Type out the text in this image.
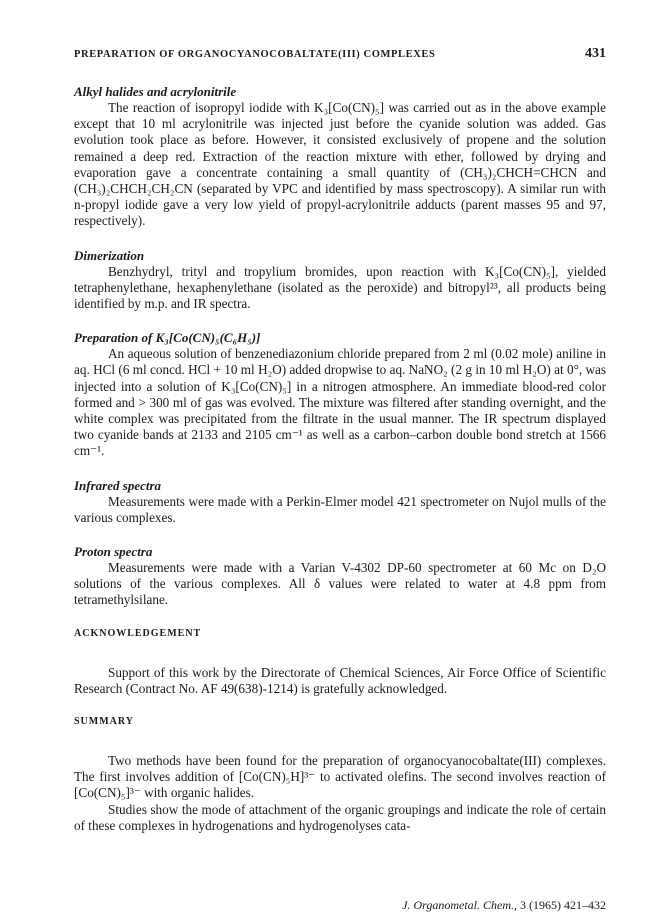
PREPARATION OF ORGANOCYANOCOBALTATE(III) COMPLEXES	431
Alkyl halides and acrylonitrile

The reaction of isopropyl iodide with K₃[Co(CN)₅] was carried out as in the above example except that 10 ml acrylonitrile was injected just before the cyanide solution was added. Gas evolution took place as before. However, it consisted exclusively of propene and the solution remained a deep red. Extraction of the reaction mixture with ether, followed by drying and evaporation gave a concentrate containing a small quantity of (CH₃)₂CHCH=CHCN and (CH₃)₂CHCH₂CH₂CN (separated by VPC and identified by mass spectroscopy). A similar run with n-propyl iodide gave a very low yield of propyl-acrylonitrile adducts (parent masses 95 and 97, respectively).

Dimerization

Benzhydryl, trityl and tropylium bromides, upon reaction with K₃[Co(CN)₅], yielded tetraphenylethane, hexaphenylethane (isolated as the peroxide) and bitropyl²³, all products being identified by m.p. and IR spectra.

Preparation of K₃[Co(CN)₅(C₆H₅)]

An aqueous solution of benzenediazonium chloride prepared from 2 ml (0.02 mole) aniline in aq. HCl (6 ml concd. HCl + 10 ml H₂O) added dropwise to aq. NaNO₂ (2 g in 10 ml H₂O) at 0°, was injected into a solution of K₃[Co(CN)₅] in a nitrogen atmosphere. An immediate blood-red color formed and > 300 ml of gas was evolved. The mixture was filtered after standing overnight, and the white complex was precipitated from the filtrate in the usual manner. The IR spectrum displayed two cyanide bands at 2133 and 2105 cm⁻¹ as well as a carbon–carbon double bond stretch at 1566 cm⁻¹.

Infrared spectra

Measurements were made with a Perkin-Elmer model 421 spectrometer on Nujol mulls of the various complexes.

Proton spectra

Measurements were made with a Varian V-4302 DP-60 spectrometer at 60 Mc on D₂O solutions of the various complexes. All δ values were related to water at 4.8 ppm from tetramethylsilane.

ACKNOWLEDGEMENT

Support of this work by the Directorate of Chemical Sciences, Air Force Office of Scientific Research (Contract No. AF 49(638)-1214) is gratefully acknowledged.

SUMMARY

Two methods have been found for the preparation of organocyanocobaltate(III) complexes. The first involves addition of [Co(CN)₅H]³⁻ to activated olefins. The second involves reaction of [Co(CN)₅]³⁻ with organic halides.

Studies show the mode of attachment of the organic groupings and indicate the role of certain of these complexes in hydrogenations and hydrogenolyses cata-

J. Organometal. Chem., 3 (1965) 421–432
